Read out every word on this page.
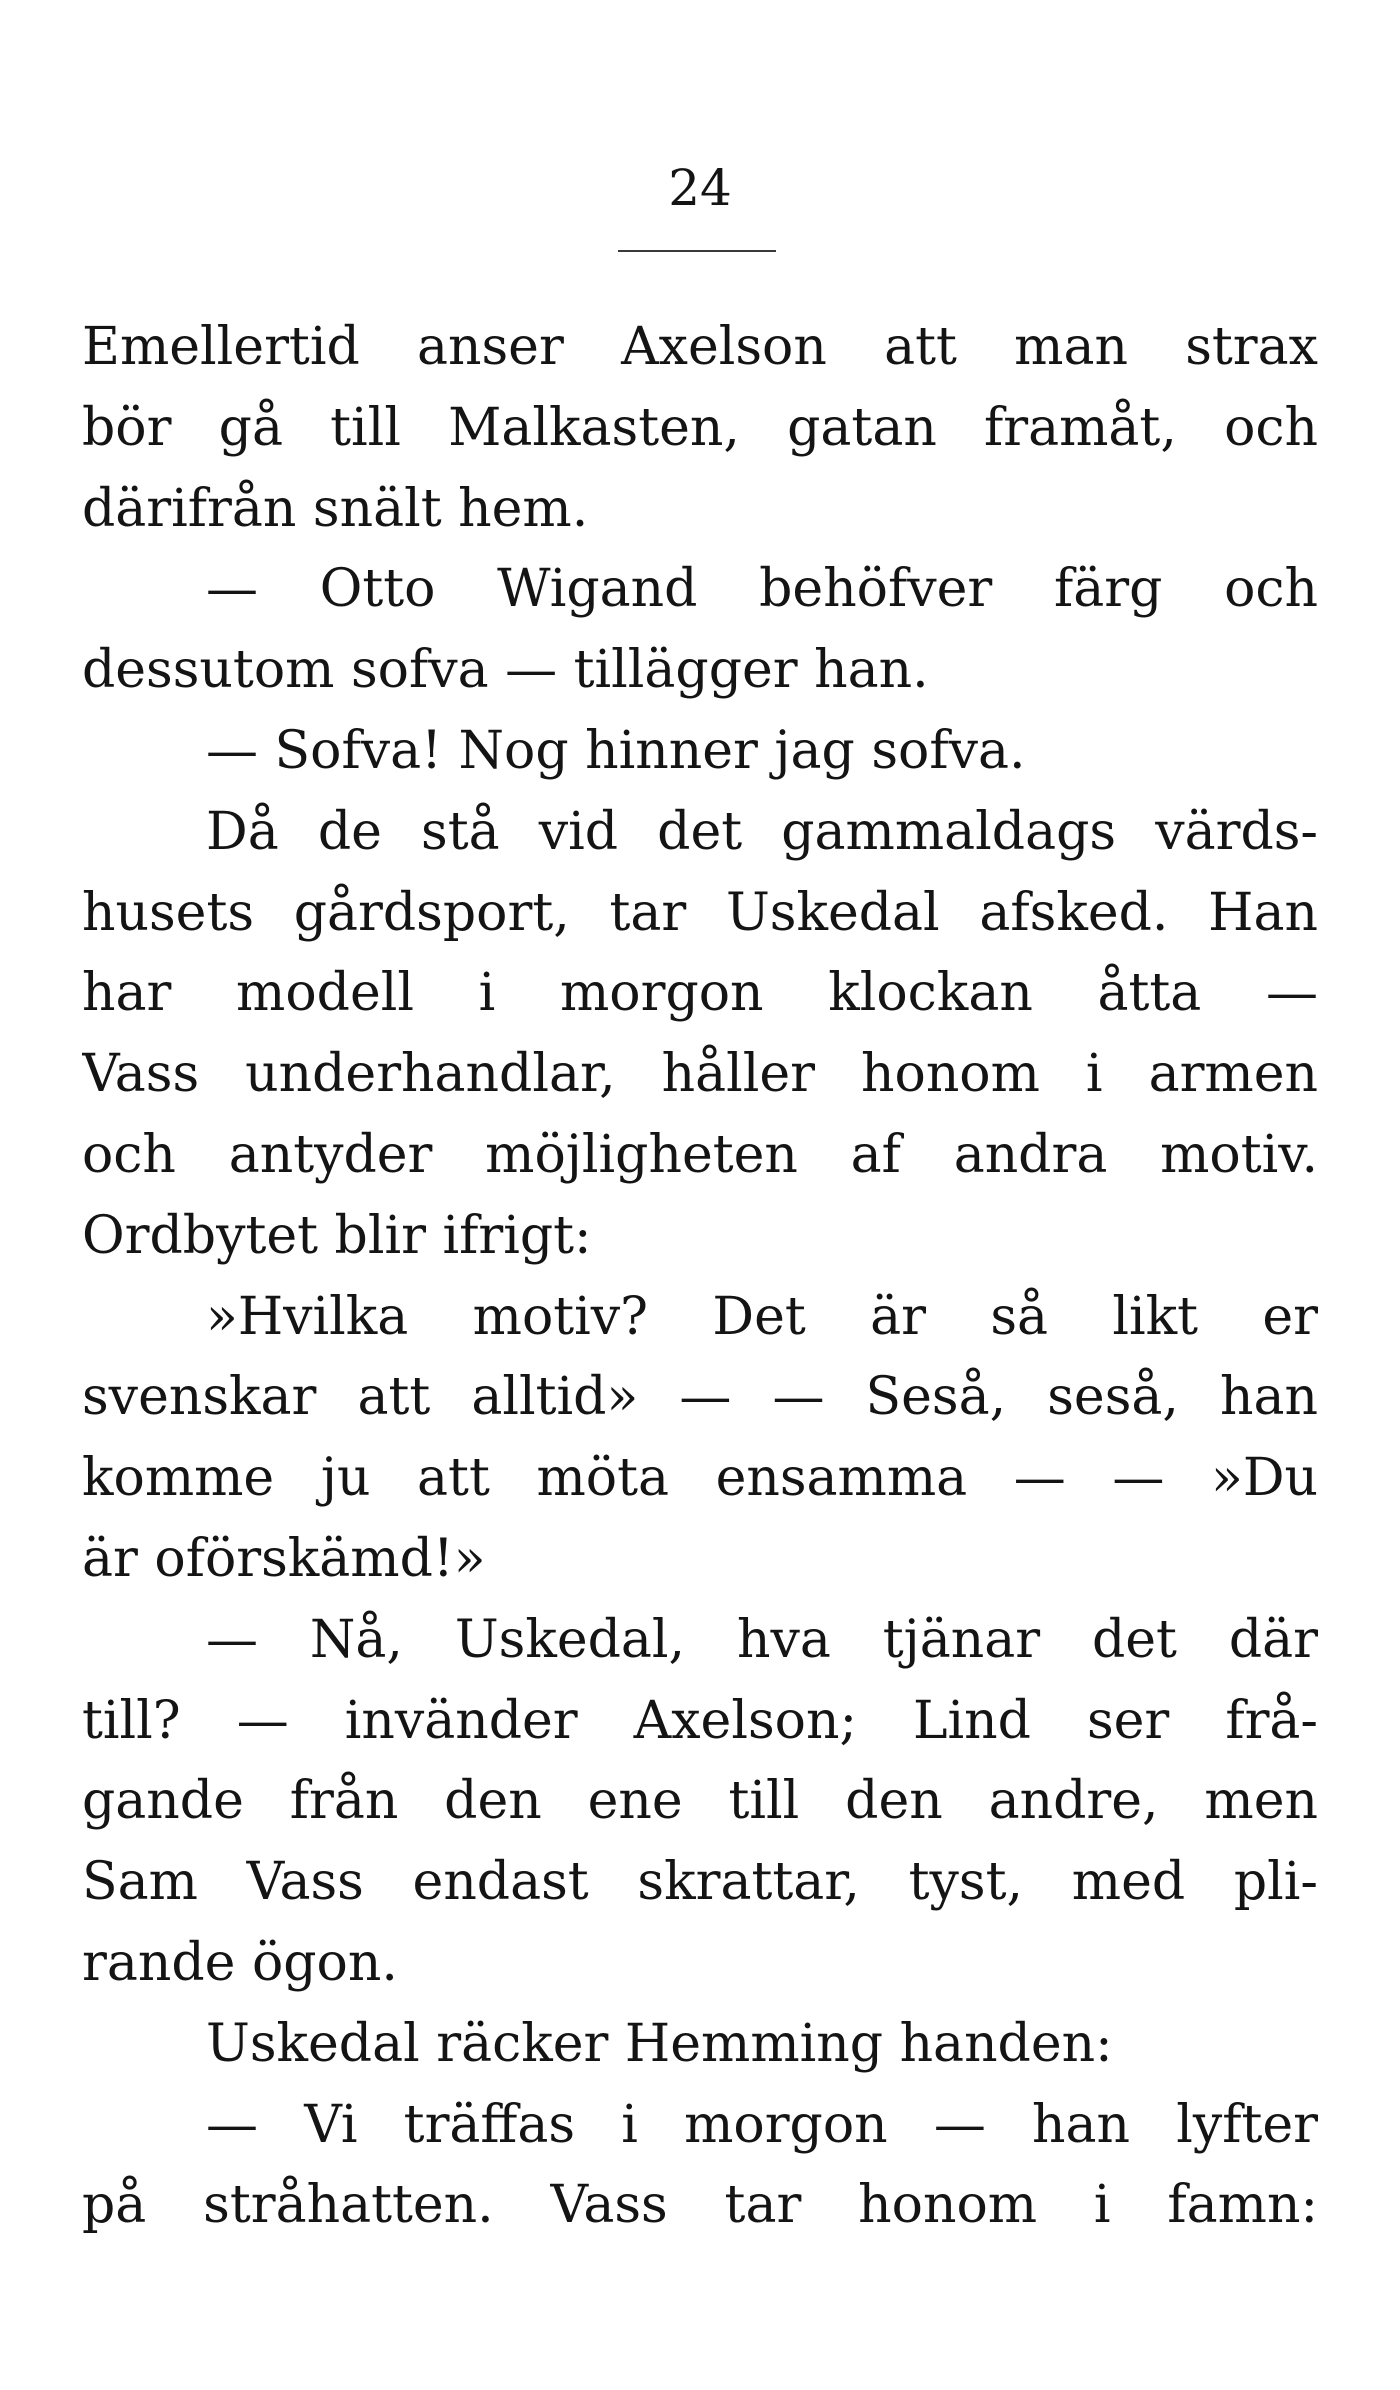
24
Emellertid anser Axelson att man strax
bör gå till Malkasten, gatan framåt, och
därifrån snält hem.
— Otto Wigand behöfver färg och
dessutom sofva — tillägger han.
— Sofva! Nog hinner jag sofva.
Då de stå vid det gammaldags värds-
husets gårdsport, tar Uskedal afsked. Han
har modell i morgon klockan åtta —
Vass underhandlar, håller honom i armen
och antyder möjligheten af andra motiv.
Ordbytet blir ifrigt:
»Hvilka motiv? Det är så likt er
svenskar att alltid» — — Seså, seså, han
komme ju att möta ensamma — — »Du
är oförskämd!»
— Nå, Uskedal, hva tjänar det där
till? — invänder Axelson; Lind ser frå-
gande från den ene till den andre, men
Sam Vass endast skrattar, tyst, med pli-
rande ögon.
Uskedal räcker Hemming handen:
— Vi träffas i morgon — han lyfter
på stråhatten. Vass tar honom i famn:
